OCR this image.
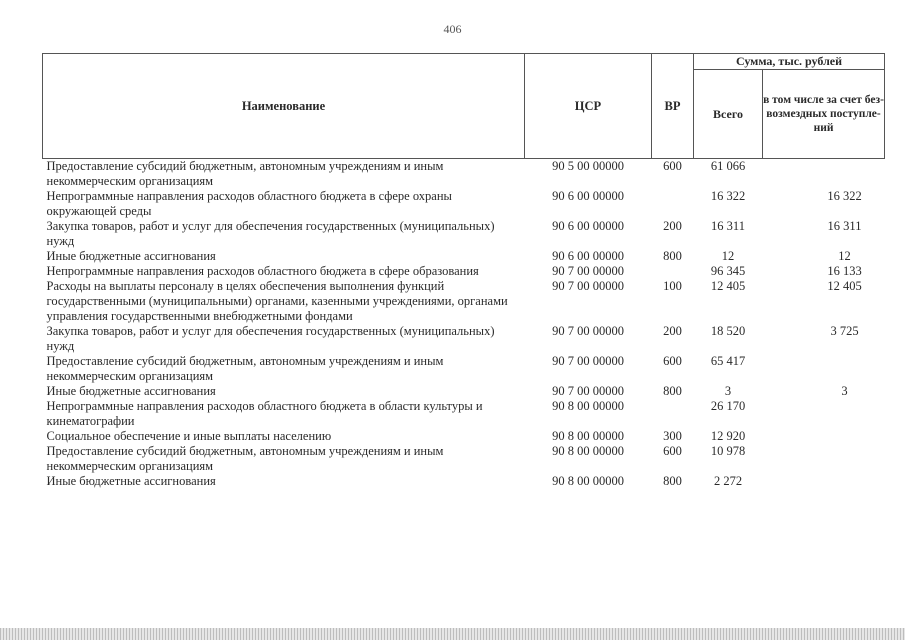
406
Наименование	ЦСР	ВР	Сумма, тыс. рублей	
			Всего	в том числе за счет без-возмездных поступле-ний
Предоставление субсидий бюджетным, автономным учреждениям и иным некоммерческим организациям	90 5 00 00000	600	61 066	
Непрограммные направления расходов областного бюджета в сфере охраны окружающей среды	90 6 00 00000		16 322	16 322
Закупка товаров, работ и услуг для обеспечения государственных (муниципальных) нужд	90 6 00 00000	200	16 311	16 311
Иные бюджетные ассигнования	90 6 00 00000	800	12	12
Непрограммные направления расходов областного бюджета в сфере образования	90 7 00 00000		96 345	16 133
Расходы на выплаты персоналу в целях обеспечения выполнения функций государственными (муниципальными) органами, казенными учреждениями, органами управления государственными внебюджетными фондами	90 7 00 00000	100	12 405	12 405
Закупка товаров, работ и услуг для обеспечения государственных (муниципальных) нужд	90 7 00 00000	200	18 520	3 725
Предоставление субсидий бюджетным, автономным учреждениям и иным некоммерческим организациям	90 7 00 00000	600	65 417	
Иные бюджетные ассигнования	90 7 00 00000	800	3	3
Непрограммные направления расходов областного бюджета в области культуры и кинематографии	90 8 00 00000		26 170	
Социальное обеспечение и иные выплаты населению	90 8 00 00000	300	12 920	
Предоставление субсидий бюджетным, автономным учреждениям и иным некоммерческим организациям	90 8 00 00000	600	10 978	
Иные бюджетные ассигнования	90 8 00 00000	800	2 272	
